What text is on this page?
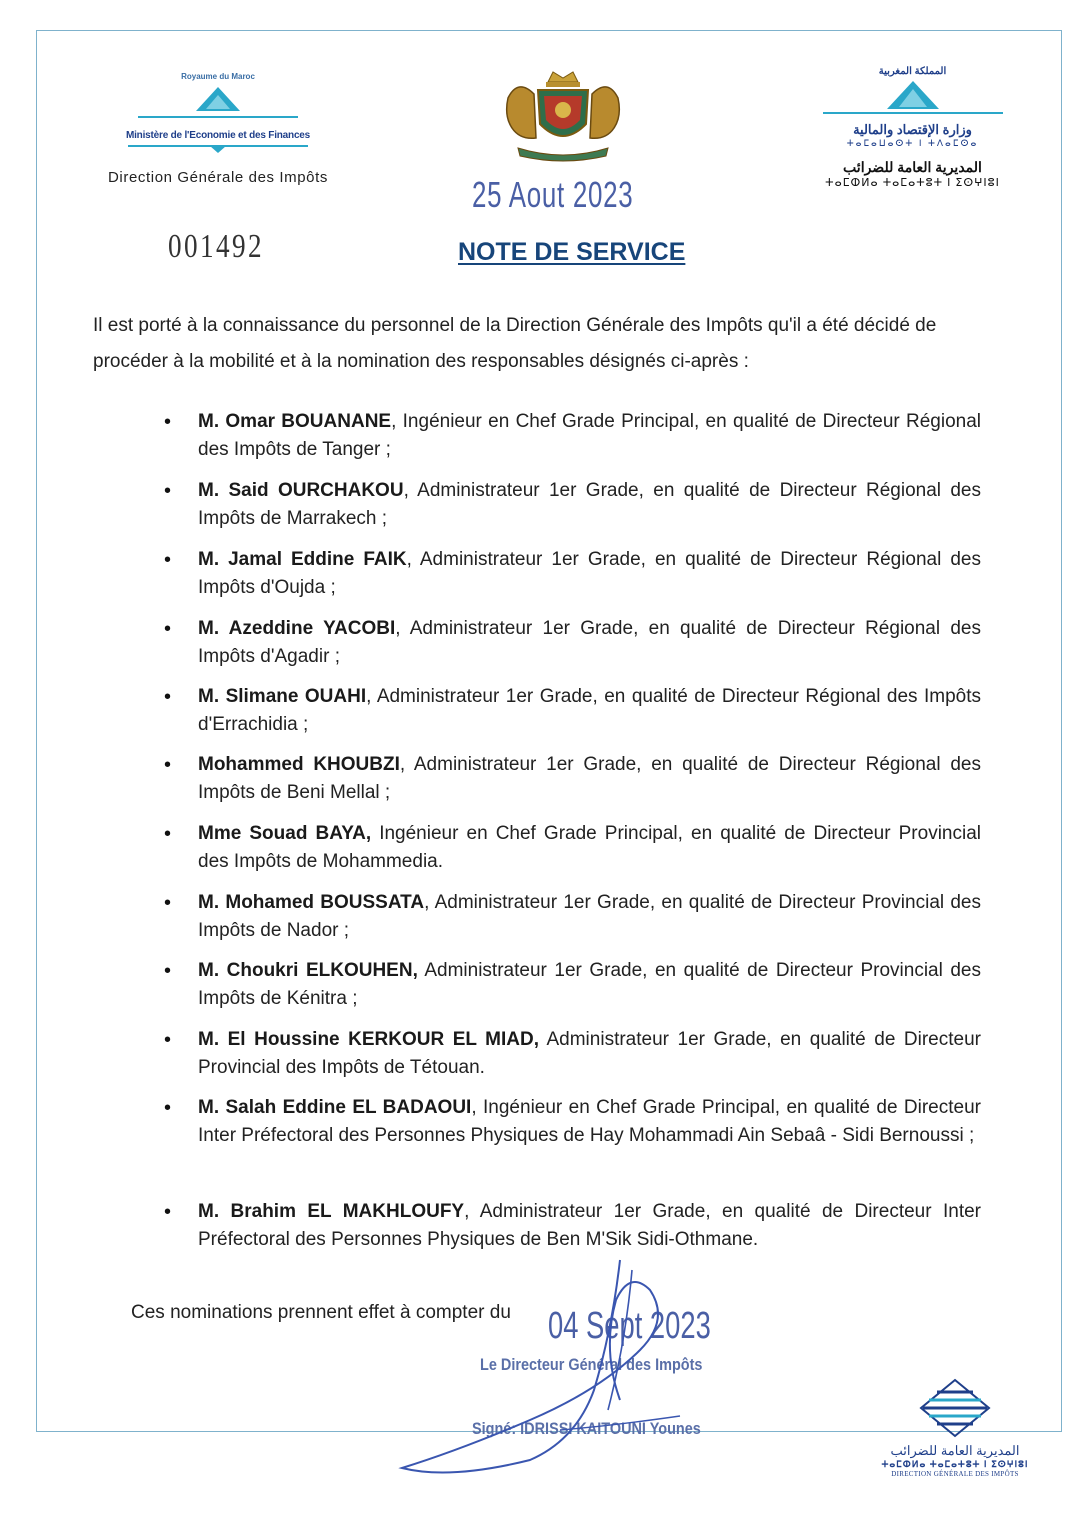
Royaume du Maroc
Ministère de l'Economie et des Finances
Direction Générale des Impôts
المملكة المغربية
وزارة الإقتصاد والمالية
ⵜⴰⵎⴰⵡⴰⵙⵜ ⵏ ⵜⴷⴰⵎⵙⴰ
المديرية العامة للضرائب
ⵜⴰⵎⵀⵍⴰ ⵜⴰⵎⴰⵜⵓⵜ ⵏ ⵉⵙⵖⵏⵓⵏ
25 Aout 2023
001492	NOTE DE SERVICE
Il est porté à la connaissance du personnel de la Direction Générale des Impôts qu'il a été décidé de procéder à la mobilité et à la nomination des responsables désignés ci-après :
• M. Omar BOUANANE, Ingénieur en Chef Grade Principal, en qualité de Directeur Régional des Impôts de Tanger ;
• M. Said OURCHAKOU, Administrateur 1er Grade, en qualité de Directeur Régional des Impôts de Marrakech ;
• M. Jamal Eddine FAIK, Administrateur 1er Grade, en qualité de Directeur Régional des Impôts d'Oujda ;
• M. Azeddine YACOBI, Administrateur 1er Grade, en qualité de Directeur Régional des Impôts d'Agadir ;
• M. Slimane OUAHI, Administrateur 1er Grade, en qualité de Directeur Régional des Impôts d'Errachidia ;
• Mohammed KHOUBZI, Administrateur 1er Grade, en qualité de Directeur Régional des Impôts de Beni Mellal ;
• Mme Souad BAYA, Ingénieur en Chef Grade Principal, en qualité de Directeur Provincial des Impôts de Mohammedia.
• M. Mohamed BOUSSATA, Administrateur 1er Grade, en qualité de Directeur Provincial des Impôts de Nador ;
• M. Choukri ELKOUHEN, Administrateur 1er Grade, en qualité de Directeur Provincial des Impôts de Kénitra ;
• M. El Houssine KERKOUR EL MIAD, Administrateur 1er Grade, en qualité de Directeur Provincial des Impôts de Tétouan.
• M. Salah Eddine EL BADAOUI, Ingénieur en Chef Grade Principal, en qualité de Directeur Inter Préfectoral des Personnes Physiques de Hay Mohammadi Ain Sebaâ - Sidi Bernoussi ;
• M. Brahim EL MAKHLOUFY, Administrateur 1er Grade, en qualité de Directeur Inter Préfectoral des Personnes Physiques de Ben M'Sik Sidi-Othmane.
Ces nominations prennent effet à compter du 04 Sept 2023
Le Directeur Général des Impôts
Signé: IDRISSI KAITOUNI Younes
المديرية العامة للضرائب
ⵜⴰⵎⵀⵍⴰ ⵜⴰⵎⴰⵜⵓⵜ ⵏ ⵉⵙⵖⵏⵓⵏ
DIRECTION GÉNÉRALE DES IMPÔTS
